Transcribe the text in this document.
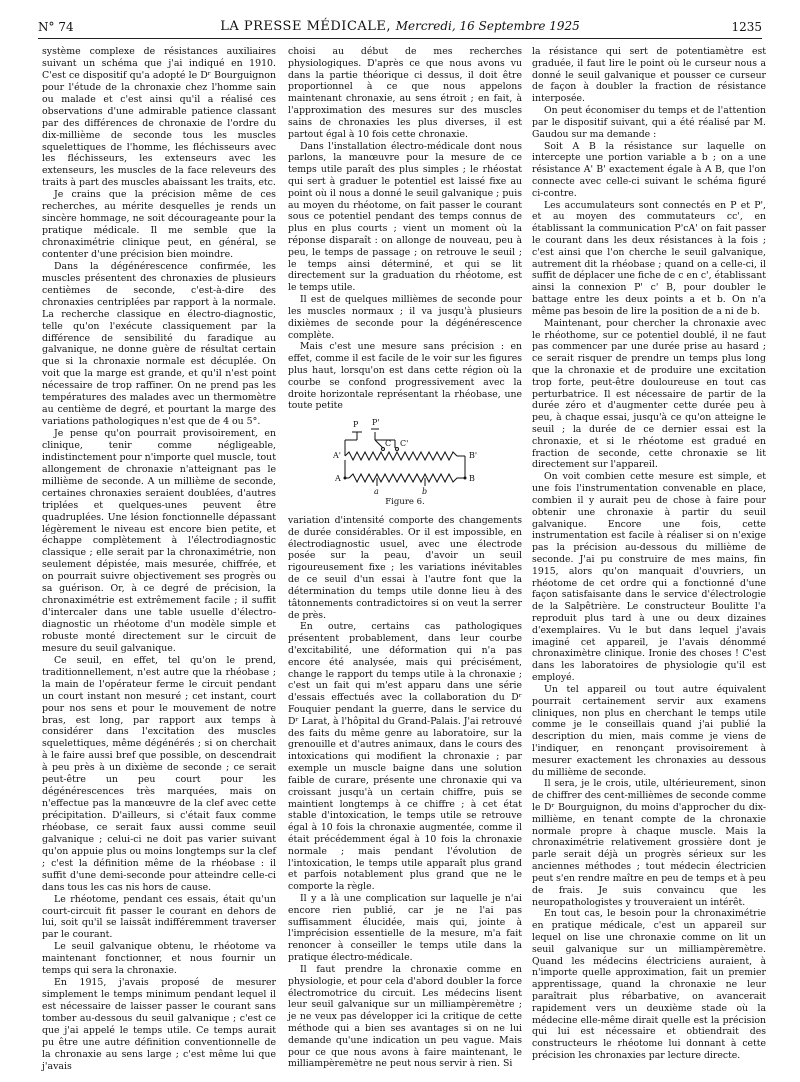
N° 74	LA PRESSE MÉDICALE, Mercredi, 16 Septembre 1925	1235

système complexe de résistances auxiliaires suivant un schéma que j'ai indiqué en 1910. C'est ce dispositif qu'a adopté le Dʳ Bourguignon pour l'étude de la chronaxie chez l'homme sain ou malade et c'est ainsi qu'il a réalisé ces observations d'une admirable patience classant par des différences de chronaxie de l'ordre du dix-millième de seconde tous les muscles squelettiques de l'homme, les fléchisseurs avec les fléchisseurs, les extenseurs avec les extenseurs, les muscles de la face releveurs des traits à part des muscles abaissant les traits, etc.

Je crains que la précision même de ces recherches, au mérite desquelles je rends un sincère hommage, ne soit décourageante pour la pratique médicale. Il me semble que la chronaximétrie clinique peut, en général, se contenter d'une précision bien moindre.

Dans la dégénérescence confirmée, les muscles présentent des chronaxies de plusieurs centièmes de seconde, c'est-à-dire des chronaxies centriplées par rapport à la normale. La recherche classique en électro-diagnostic, telle qu'on l'exécute classiquement par la différence de sensibilité du faradique au galvanique, ne donne guère de résultat certain que si la chronaxie normale est décuplée. On voit que la marge est grande, et qu'il n'est point nécessaire de trop raffiner. On ne prend pas les températures des malades avec un thermomètre au centième de degré, et pourtant la marge des variations pathologiques n'est que de 4 ou 5°.

Je pense qu'on pourrait provisoirement, en clinique, tenir comme négligeable, indistinctement pour n'importe quel muscle, tout allongement de chronaxie n'atteignant pas le millième de seconde. A un millième de seconde, certaines chronaxies seraient doublées, d'autres triplées et quelques-unes peuvent être quadruplées. Une lésion fonctionnelle dépassant légèrement le niveau est encore bien petite, et échappe complètement à l'électrodiagnostic classique ; elle serait par la chronaximétrie, non seulement dépistée, mais mesurée, chiffrée, et on pourrait suivre objectivement ses progrès ou sa guérison. Or, à ce degré de précision, la chronaximétrie est extrêmement facile ; il suffit d'intercaler dans une table usuelle d'électro-diagnostic un rhéotome d'un modèle simple et robuste monté directement sur le circuit de mesure du seuil galvanique.

Ce seuil, en effet, tel qu'on le prend, traditionnellement, n'est autre que la rhéobase ; la main de l'opérateur ferme le circuit pendant un court instant non mesuré ; cet instant, court pour nos sens et pour le mouvement de notre bras, est long, par rapport aux temps à considérer dans l'excitation des muscles squelettiques, même dégénérés ; si on cherchait à le faire aussi bref que possible, on descendrait à peu près à un dixième de seconde ; ce serait peut-être un peu court pour les dégénérescences très marquées, mais on n'effectue pas la manœuvre de la clef avec cette précipitation. D'ailleurs, si c'était faux comme rhéobase, ce serait faux aussi comme seuil galvanique ; celui-ci ne doit pas varier suivant qu'on appuie plus ou moins longtemps sur la clef ; c'est la définition même de la rhéobase : il suffit d'une demi-seconde pour atteindre celle-ci dans tous les cas nis hors de cause.

Le rhéotome, pendant ces essais, était qu'un court-circuit fit passer le courant en dehors de lui, soit qu'il se laissât indifféremment traverser par le courant.

Le seuil galvanique obtenu, le rhéotome va maintenant fonctionner, et nous fournir un temps qui sera la chronaxie.

En 1915, j'avais proposé de mesurer simplement le temps minimum pendant lequel il est nécessaire de laisser passer le courant sans tomber au-dessous du seuil galvanique ; c'est ce que j'ai appelé le temps utile. Ce temps aurait pu être une autre définition conventionnelle de la chronaxie au sens large ; c'est même lui que j'avais

choisi au début de mes recherches physiologiques. D'après ce que nous avons vu dans la partie théorique ci dessus, il doit être proportionnel à ce que nous appelons maintenant chronaxie, au sens étroit ; en fait, à l'approximation des mesures sur des muscles sains de chronaxies les plus diverses, il est partout égal à 10 fois cette chronaxie.

Dans l'installation électro-médicale dont nous parlons, la manœuvre pour la mesure de ce temps utile paraît des plus simples ; le rhéostat qui sert à graduer le potentiel est laissé fixe au point où il nous a donné le seuil galvanique ; puis au moyen du rhéotome, on fait passer le courant sous ce potentiel pendant des temps connus de plus en plus courts ; vient un moment où la réponse disparaît : on allonge de nouveau, peu à peu, le temps de passage ; on retrouve le seuil ; le temps ainsi déterminé, et qui se lit directement sur la graduation du rhéotome, est le temps utile.

Il est de quelques millièmes de seconde pour les muscles normaux ; il va jusqu'à plusieurs dixièmes de seconde pour la dégénérescence complète.

Mais c'est une mesure sans précision : en effet, comme il est facile de le voir sur les figures plus haut, lorsqu'on est dans cette région où la courbe se confond progressivement avec la droite horizontale représentant la rhéobase, une toute petite

P P'
C C'
A'	B'
A	B
a	b
Figure 6.

variation d'intensité comporte des changements de durée considérables. Or il est impossible, en électrodiagnostic usuel, avec une électrode posée sur la peau, d'avoir un seuil rigoureusement fixe ; les variations inévitables de ce seuil d'un essai à l'autre font que la détermination du temps utile donne lieu à des tâtonnements contradictoires si on veut la serrer de près.

En outre, certains cas pathologiques présentent probablement, dans leur courbe d'excitabilité, une déformation qui n'a pas encore été analysée, mais qui précisément, change le rapport du temps utile à la chronaxie ; c'est un fait qui m'est apparu dans une série d'essais effectués avec la collaboration du Dʳ Fouquier pendant la guerre, dans le service du Dʳ Larat, à l'hôpital du Grand-Palais. J'ai retrouvé des faits du même genre au laboratoire, sur la grenouille et d'autres animaux, dans le cours des intoxications qui modifient la chronaxie ; par exemple un muscle baigne dans une solution faible de curare, présente une chronaxie qui va croissant jusqu'à un certain chiffre, puis se maintient longtemps à ce chiffre ; à cet état stable d'intoxication, le temps utile se retrouve égal à 10 fois la chronaxie augmentée, comme il était précédemment égal à 10 fois la chronaxie normale ; mais pendant l'évolution de l'intoxication, le temps utile apparaît plus grand et parfois notablement plus grand que ne le comporte la règle.

Il y a là une complication sur laquelle je n'ai encore rien publié, car je ne l'ai pas suffisamment élucidée, mais qui, jointe à l'imprécision essentielle de la mesure, m'a fait renoncer à conseiller le temps utile dans la pratique électro-médicale.

Il faut prendre la chronaxie comme en physiologie, et pour cela d'abord doubler la force électromotrice du circuit. Les médecins lisent leur seuil galvanique sur un milliampèremètre ; je ne veux pas développer ici la critique de cette méthode qui a bien ses avantages si on ne lui demande qu'une indication un peu vague. Mais pour ce que nous avons à faire maintenant, le milliampèremètre ne peut nous servir à rien. Si

la résistance qui sert de potentiamètre est graduée, il faut lire le point où le curseur nous a donné le seuil galvanique et pousser ce curseur de façon à doubler la fraction de résistance interposée.

On peut économiser du temps et de l'attention par le dispositif suivant, qui a été réalisé par M. Gaudou sur ma demande :

Soit A B la résistance sur laquelle on intercepte une portion variable a b ; on a une résistance A' B' exactement égale à A B, que l'on connecte avec celle-ci suivant le schéma figuré ci-contre.

Les accumulateurs sont connectés en P et P', et au moyen des commutateurs cc', en établissant la communication P'cA' on fait passer le courant dans les deux résistances à la fois ; c'est ainsi que l'on cherche le seuil galvanique, autrement dit la rhéobase ; quand on a celle-ci, il suffit de déplacer une fiche de c en c', établissant ainsi la connexion P' c' B, pour doubler le battage entre les deux points a et b. On n'a même pas besoin de lire la position de a ni de b.

Maintenant, pour chercher la chronaxie avec le rhéothome, sur ce potentiel doublé, il ne faut pas commencer par une durée prise au hasard ; ce serait risquer de prendre un temps plus long que la chronaxie et de produire une excitation trop forte, peut-être douloureuse en tout cas perturbatrice. Il est nécessaire de partir de la durée zéro et d'augmenter cette durée peu à peu, à chaque essai, jusqu'à ce qu'on atteigne le seuil ; la durée de ce dernier essai est la chronaxie, et si le rhéotome est gradué en fraction de seconde, cette chronaxie se lit directement sur l'appareil.

On voit combien cette mesure est simple, et une fois l'instrumentation convenable en place, combien il y aurait peu de chose à faire pour obtenir une chronaxie à partir du seuil galvanique. Encore une fois, cette instrumentation est facile à réaliser si on n'exige pas la précision au-dessous du millième de seconde. J'ai pu construire de mes mains, fin 1915, alors qu'on manquait d'ouvriers, un rhéotome de cet ordre qui a fonctionné d'une façon satisfaisante dans le service d'électrologie de la Salpêtrière. Le constructeur Boulitte l'a reproduit plus tard à une ou deux dizaines d'exemplaires. Vu le but dans lequel j'avais imaginé cet appareil, je l'avais dénommé chronaximètre clinique. Ironie des choses ! C'est dans les laboratoires de physiologie qu'il est employé.

Un tel appareil ou tout autre équivalent pourrait certainement servir aux examens cliniques, non plus en cherchant le temps utile comme je le conseillais quand j'ai publié la description du mien, mais comme je viens de l'indiquer, en renonçant provisoirement à mesurer exactement les chronaxies au dessous du millième de seconde.

Il sera, je le crois, utile, ultérieurement, sinon de chiffrer des cent-millièmes de seconde comme le Dʳ Bourguignon, du moins d'approcher du dix-millième, en tenant compte de la chronaxie normale propre à chaque muscle. Mais la chronaximétrie relativement grossière dont je parle serait déjà un progrès sérieux sur les anciennes méthodes ; tout médecin électricien peut s'en rendre maître en peu de temps et à peu de frais. Je suis convaincu que les neuropathologistes y trouveraient un intérêt.

En tout cas, le besoin pour la chronaximétrie en pratique médicale, c'est un appareil sur lequel on lise une chronaxie comme on lit un seuil galvanique sur un milliampèremètre. Quand les médecins électriciens auraient, à n'importe quelle approximation, fait un premier apprentissage, quand la chronaxie ne leur paraîtrait plus rébarbative, on avancerait rapidement vers un deuxième stade où la médecine elle-même dirait quelle est la précision qui lui est nécessaire et obtiendrait des constructeurs le rhéotome lui donnant à cette précision les chronaxies par lecture directe.
